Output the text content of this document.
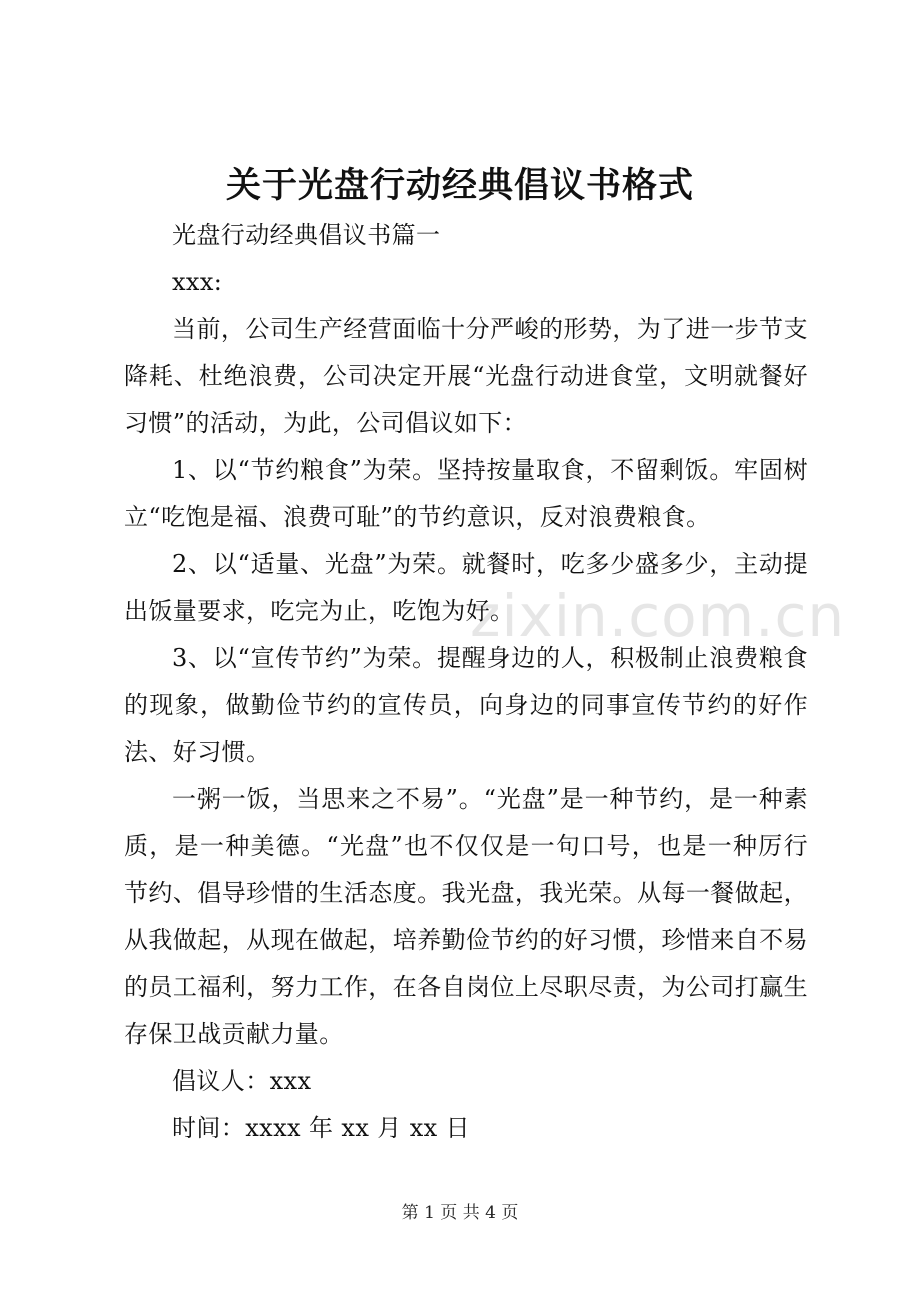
关于光盘行动经典倡议书格式
zixin.com.cn

光盘行动经典倡议书篇一

xxx:

当前，公司生产经营面临十分严峻的形势，为了进一步节支降耗、杜绝浪费，公司决定开展“光盘行动进食堂，文明就餐好习惯”的活动，为此，公司倡议如下：

1、以“节约粮食”为荣。坚持按量取食，不留剩饭。牢固树立“吃饱是福、浪费可耻”的节约意识，反对浪费粮食。

2、以“适量、光盘”为荣。就餐时，吃多少盛多少，主动提出饭量要求，吃完为止，吃饱为好。

3、以“宣传节约”为荣。提醒身边的人，积极制止浪费粮食的现象，做勤俭节约的宣传员，向身边的同事宣传节约的好作法、好习惯。

一粥一饭，当思来之不易”。“光盘”是一种节约，是一种素质，是一种美德。“光盘”也不仅仅是一句口号，也是一种厉行节约、倡导珍惜的生活态度。我光盘，我光荣。从每一餐做起，从我做起，从现在做起，培养勤俭节约的好习惯，珍惜来自不易的员工福利，努力工作，在各自岗位上尽职尽责，为公司打赢生存保卫战贡献力量。

倡议人：xxx

时间：xxxx 年 xx 月 xx 日

第 1 页 共 4 页
